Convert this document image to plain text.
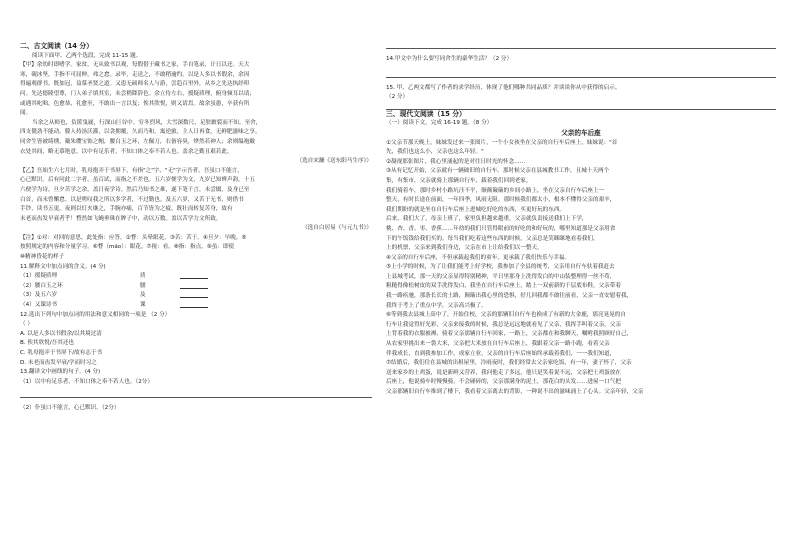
二、古文阅读（14 分）

阅读下面甲、乙两个选段，完成 11-15 题。

【甲】余幼时即嗜学。家贫，无从致书以观，每假借于藏书之家，手自笔录，计日以还。天大

寒，砚冰坚，手指不可屈伸，弗之怠。录毕，走送之，不敢稍逾约。以是人多以书假余，余因

得遍观群书。既加冠，益慕圣贤之道。又患无硕师名人与游，尝趋百里外，从乡之先达执经叩

问。先达德隆望尊，门人弟子填其室，未尝稍降辞色。余立侍左右，援疑质理，俯身倾耳以请；

或遇其叱咄，色愈恭，礼愈至，不敢出一言以复；俟其欣悦，则又请焉。故余虽愚，卒获有所

闻。

当余之从师也，负箧曳屣，行深山巨谷中。穷冬烈风，大雪深数尺，足肤皲裂而不知。至舍，

四支僵劲不能动，媵人持汤沃灌，以衾拥覆，久而乃和。寓逆旅，主人日再食，无鲜肥滋味之享。

同舍生皆被绮绣，戴朱缨宝饰之帽，腰白玉之环，左佩刀，右备容臭，烨然若神人；余则缊袍敝

衣处其间，略无慕艳意，以中有足乐者，不知口体之奉不若人也。盖余之勤且艰若此。

（选自宋濂《送东阳马生序》）

【乙】吾始生六七月时，乳母抱弄于书屏下，有指"之"字、"无"字示吾者，吾虽口不能言，

心已默识。后有问此二字者，虽百试，而指之不差也。五六岁便学为文，九岁已知辨声韵。十五

六便学为诗，旦夕苦学之余，盖日夜学诗。然后乃知书之难，遂下笔千言，未尝辍，及身已至

白首，而未曾懈怠。以是嗟叹我之所以多学者，不过勤也。及五六岁，又苦于无书，则借书

手钞，读书五更，夜则以灯火继之，手腕亦痛，百节皆为之疲。既壮而转复苦身，故有

未老而齿发早衰者乎！瞀然如飞蝇垂珠在眸子中，动以万数。盖以苦学力文所致。

（选自白居易《与元九书》）

【注】①对：对回的意思，此处指：应答。②瞀：头晕眼花。③苦：苦于。④旦夕：早晚。⑤

按照规定的内容和分量学习。⑥瞀（máo）：眼花。⑦视：看。⑧指：指点。⑨虽：即使

⑩精神昏花的样子

11.解释文中加点词的含义。(4 分)

（1）援疑质理	质

（2）腰白玉之环	腰

（3）及五六岁	及

（4）又课诗书	课

12.选出下列句中加点词的用法和意义相同的一项是 （2 分）

（ ）

A. 以是人多以书假余/以其境过清

B. 俟其欣悦/吾其还也

C. 乳母抱弄于书屏下/故有志于书

D. 未老而齿发早衰/学而时习之

13.翻译文中画线的句子。(4 分)

（1）以中有足乐者，不知口体之奉不若人也。（2分）

（2）仆虽口不能言，心已默识。（2分）

14.甲文中为什么要写同舍生的豪华生活？（2 分）

15. 甲、乙两文都写了作者的求学经历，体现了他们哪种共同品质？并谈谈你从中获得的启示。

（2 分）

三、现代文阅读（15 分）

（一）阅读下文，完成 16-19 题。（8 分）

父亲的车后座

①父亲节那天晚上，妹妹发过来一张图片，一个小女孩坐在父亲的自行车后座上，妹妹说："首

先，我们也这么小，父亲也这么年轻。"

②凝视那张图片，我心里涌起的是对往日时光的怀念……

③从有记忆开始，父亲就有一辆破旧的自行车。那时候父亲在县城教书工作，且城十天两个

集，有集市，父亲就骑上那辆自行车，载着我们回到老家。

我们骑着车，那时乡村小路坑洼不平，颠颠簸簸的乡间小路上，坐在父亲自行车后座上一

整天，有时长途在前面，一年四季，风雨无阻。那时候我们都太小，根本不懂得父亲的艰辛，

我们期盼的就是坐在自行车后座上进城吃好吃的东西，买更好玩的东西。

后来，我们大了，母亲上班了，家里负担越来越重，父亲就负责接送我们上下学，

桃、杏、香、枣、香蕉……年幼的我们只管得眼前的好吃的和好玩的，哪里知道那是父亲用省

下的午饭钱给我们买的。每当我们吃着这些东西的时候，父亲总是笑眯眯地看着我们，

上的机票，父亲来到我们身边，父亲在市上让给我们以一整天。

④父亲的自行车后座，不但承载起我们的童年，更承载了我们快乐与幸福。

⑤上小学的时候，为了让我们能考上好学校，我参加了全县的统考，父亲用自行车驮着我赶去

上县城考试，那一天的父亲显得特别精神，平日里那身上洗得发白的中山装整理得一丝不苟，

粗糙得像松树皮的双手洗得发白，我坐在自行车后座上，踏上一双前新的千层底布鞋，父亲带着

我一路疾驰，那条长长的土路，颠簸出我心里的恐惧，好几回我都不敢往前看，父亲一直安慰着我，

我终于考上了重点中学，父亲高兴极了。

⑥等到我去县城上高中了，开始住校，父亲的那辆旧自行车也换成了有新的大金鹿，那亮晃晃的自

行车让我觉得好光彩，父亲来接我的时候，我总是远远地就看见了父亲，我挥手叫着父亲，父亲

上背着我的衣服被褥，骑着父亲那辆自行车回家，一路上，父亲都在和我聊天，嘱咐我照顾好自己，

从农家里挑出来一袋大米，父亲把大米放在自行车后座上，我跟着父亲一路小跑，看着父亲

伴我成长，直到我参加工作，成家立业，父亲的自行车后座始终承载着我们，一一我们知道，

⑦结婚后，我们住在县城的出租屋里，冷雨夜时，我们经常去父亲家吃饭，有一年，妻子怀了，父亲

送来家乡的土鸡蛋，说是新鲜又营养，我问他走了多远，他只是笑着说不远，父亲把土鸡蛋放在

后座上，他说骑车时慢慢骑，不会碰碎的，父亲那满身的泥土，那花白的头发……进屋一口气把

父亲那辆旧自行车推到了楼下，我看着父亲离去的背影，一种说不出的滋味涌上了心头。父亲年轻，父亲
